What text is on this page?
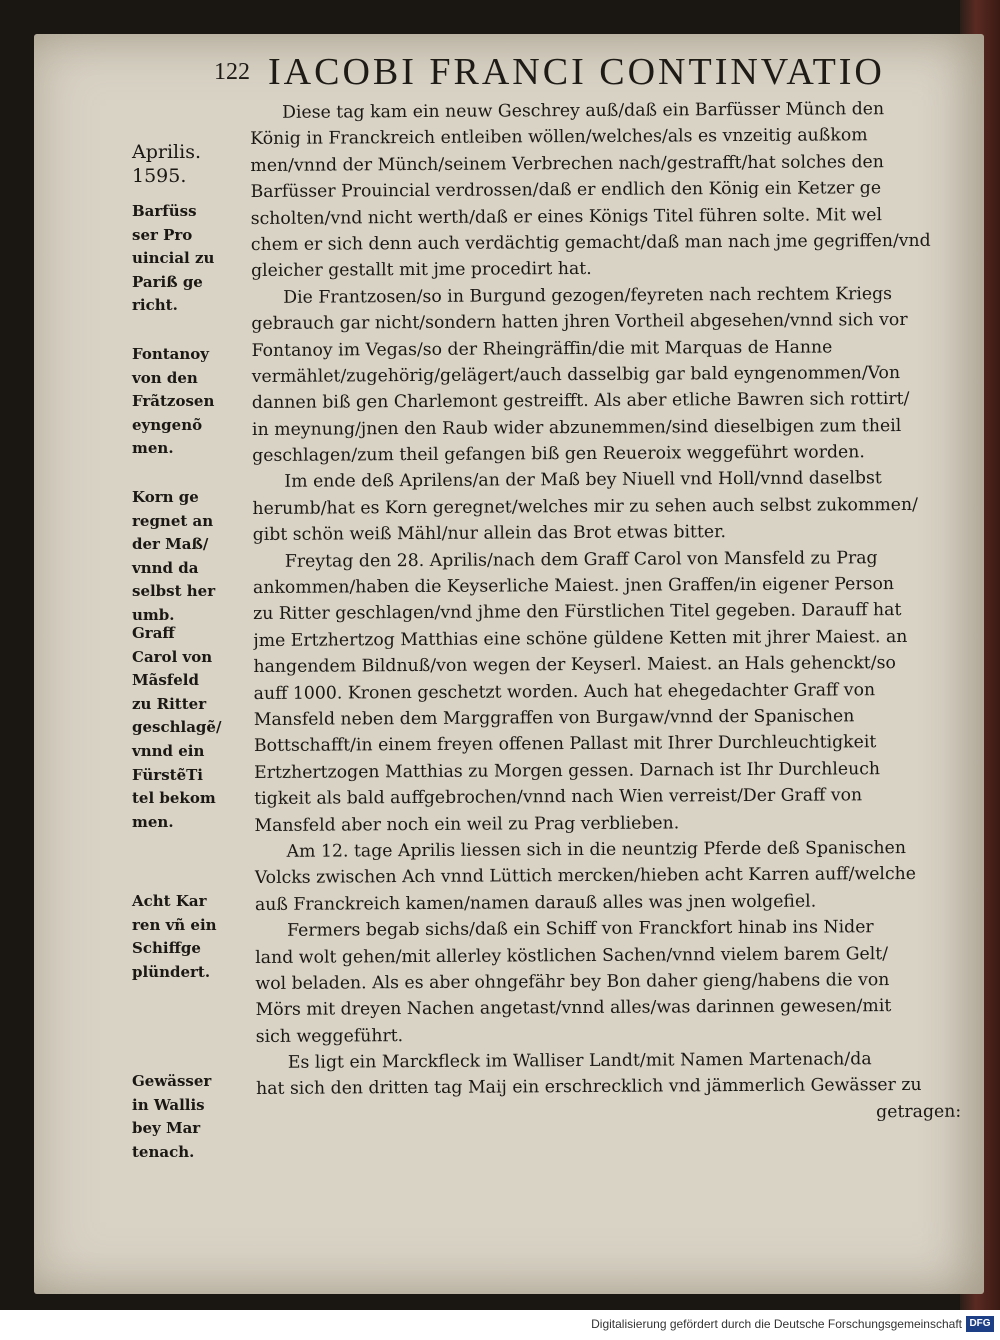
122 IACOBI FRANCI CONTINVATIO
Aprilis.
1595.
Barfüss
ser Pro
uincial zu
Pariß ge
richt.
Fontanoy
von den
Frãtzosen
eyngenõ
men.
Korn ge
regnet an
der Maß/
vnnd da
selbst her
umb.
Graff
Carol von
Mãsfeld
zu Ritter
geschlagẽ/
vnnd ein
FürstẽTi
tel bekom
men.
Acht Kar
ren vñ ein
Schiffge
plündert.
Gewässer
in Wallis
bey Mar
tenach.
Diese tag kam ein neuw Geschrey auß/daß ein Barfüsser Münch den
König in Franckreich entleiben wöllen/welches/als es vnzeitig außkom
men/vnnd der Münch/seinem Verbrechen nach/gestrafft/hat solches den
Barfüsser Prouincial verdrossen/daß er endlich den König ein Ketzer ge
scholten/vnd nicht werth/daß er eines Königs Titel führen solte. Mit wel
chem er sich denn auch verdächtig gemacht/daß man nach jme gegriffen/vnd
gleicher gestallt mit jme procedirt hat.
Die Frantzosen/so in Burgund gezogen/feyreten nach rechtem Kriegs
gebrauch gar nicht/sondern hatten jhren Vortheil abgesehen/vnnd sich vor
Fontanoy im Vegas/so der Rheingräffin/die mit Marquas de Hanne
vermählet/zugehörig/gelägert/auch dasselbig gar bald eyngenommen/Von
dannen biß gen Charlemont gestreifft. Als aber etliche Bawren sich rottirt/
in meynung/jnen den Raub wider abzunemmen/sind dieselbigen zum theil
geschlagen/zum theil gefangen biß gen Reueroix weggeführt worden.
Im ende deß Aprilens/an der Maß bey Niuell vnd Holl/vnnd daselbst
herumb/hat es Korn geregnet/welches mir zu sehen auch selbst zukommen/
gibt schön weiß Mähl/nur allein das Brot etwas bitter.
Freytag den 28. Aprilis/nach dem Graff Carol von Mansfeld zu Prag
ankommen/haben die Keyserliche Maiest. jnen Graffen/in eigener Person
zu Ritter geschlagen/vnd jhme den Fürstlichen Titel gegeben. Darauff hat
jme Ertzhertzog Matthias eine schöne güldene Ketten mit jhrer Maiest. an
hangendem Bildnuß/von wegen der Keyserl. Maiest. an Hals gehenckt/so
auff 1000. Kronen geschetzt worden. Auch hat ehegedachter Graff von
Mansfeld neben dem Marggraffen von Burgaw/vnnd der Spanischen
Bottschafft/in einem freyen offenen Pallast mit Ihrer Durchleuchtigkeit
Ertzhertzogen Matthias zu Morgen gessen. Darnach ist Ihr Durchleuch
tigkeit als bald auffgebrochen/vnnd nach Wien verreist/Der Graff von
Mansfeld aber noch ein weil zu Prag verblieben.
Am 12. tage Aprilis liessen sich in die neuntzig Pferde deß Spanischen
Volcks zwischen Ach vnnd Lüttich mercken/hieben acht Karren auff/welche
auß Franckreich kamen/namen darauß alles was jnen wolgefiel.
Fermers begab sichs/daß ein Schiff von Franckfort hinab ins Nider
land wolt gehen/mit allerley köstlichen Sachen/vnnd vielem barem Gelt/
wol beladen. Als es aber ohngefähr bey Bon daher gieng/habens die von
Mörs mit dreyen Nachen angetast/vnnd alles/was darinnen gewesen/mit
sich weggeführt.
Es ligt ein Marckfleck im Walliser Landt/mit Namen Martenach/da
hat sich den dritten tag Maij ein erschrecklich vnd jämmerlich Gewässer zu
getragen:
Digitalisierung gefördert durch die Deutsche Forschungsgemeinschaft DFG
